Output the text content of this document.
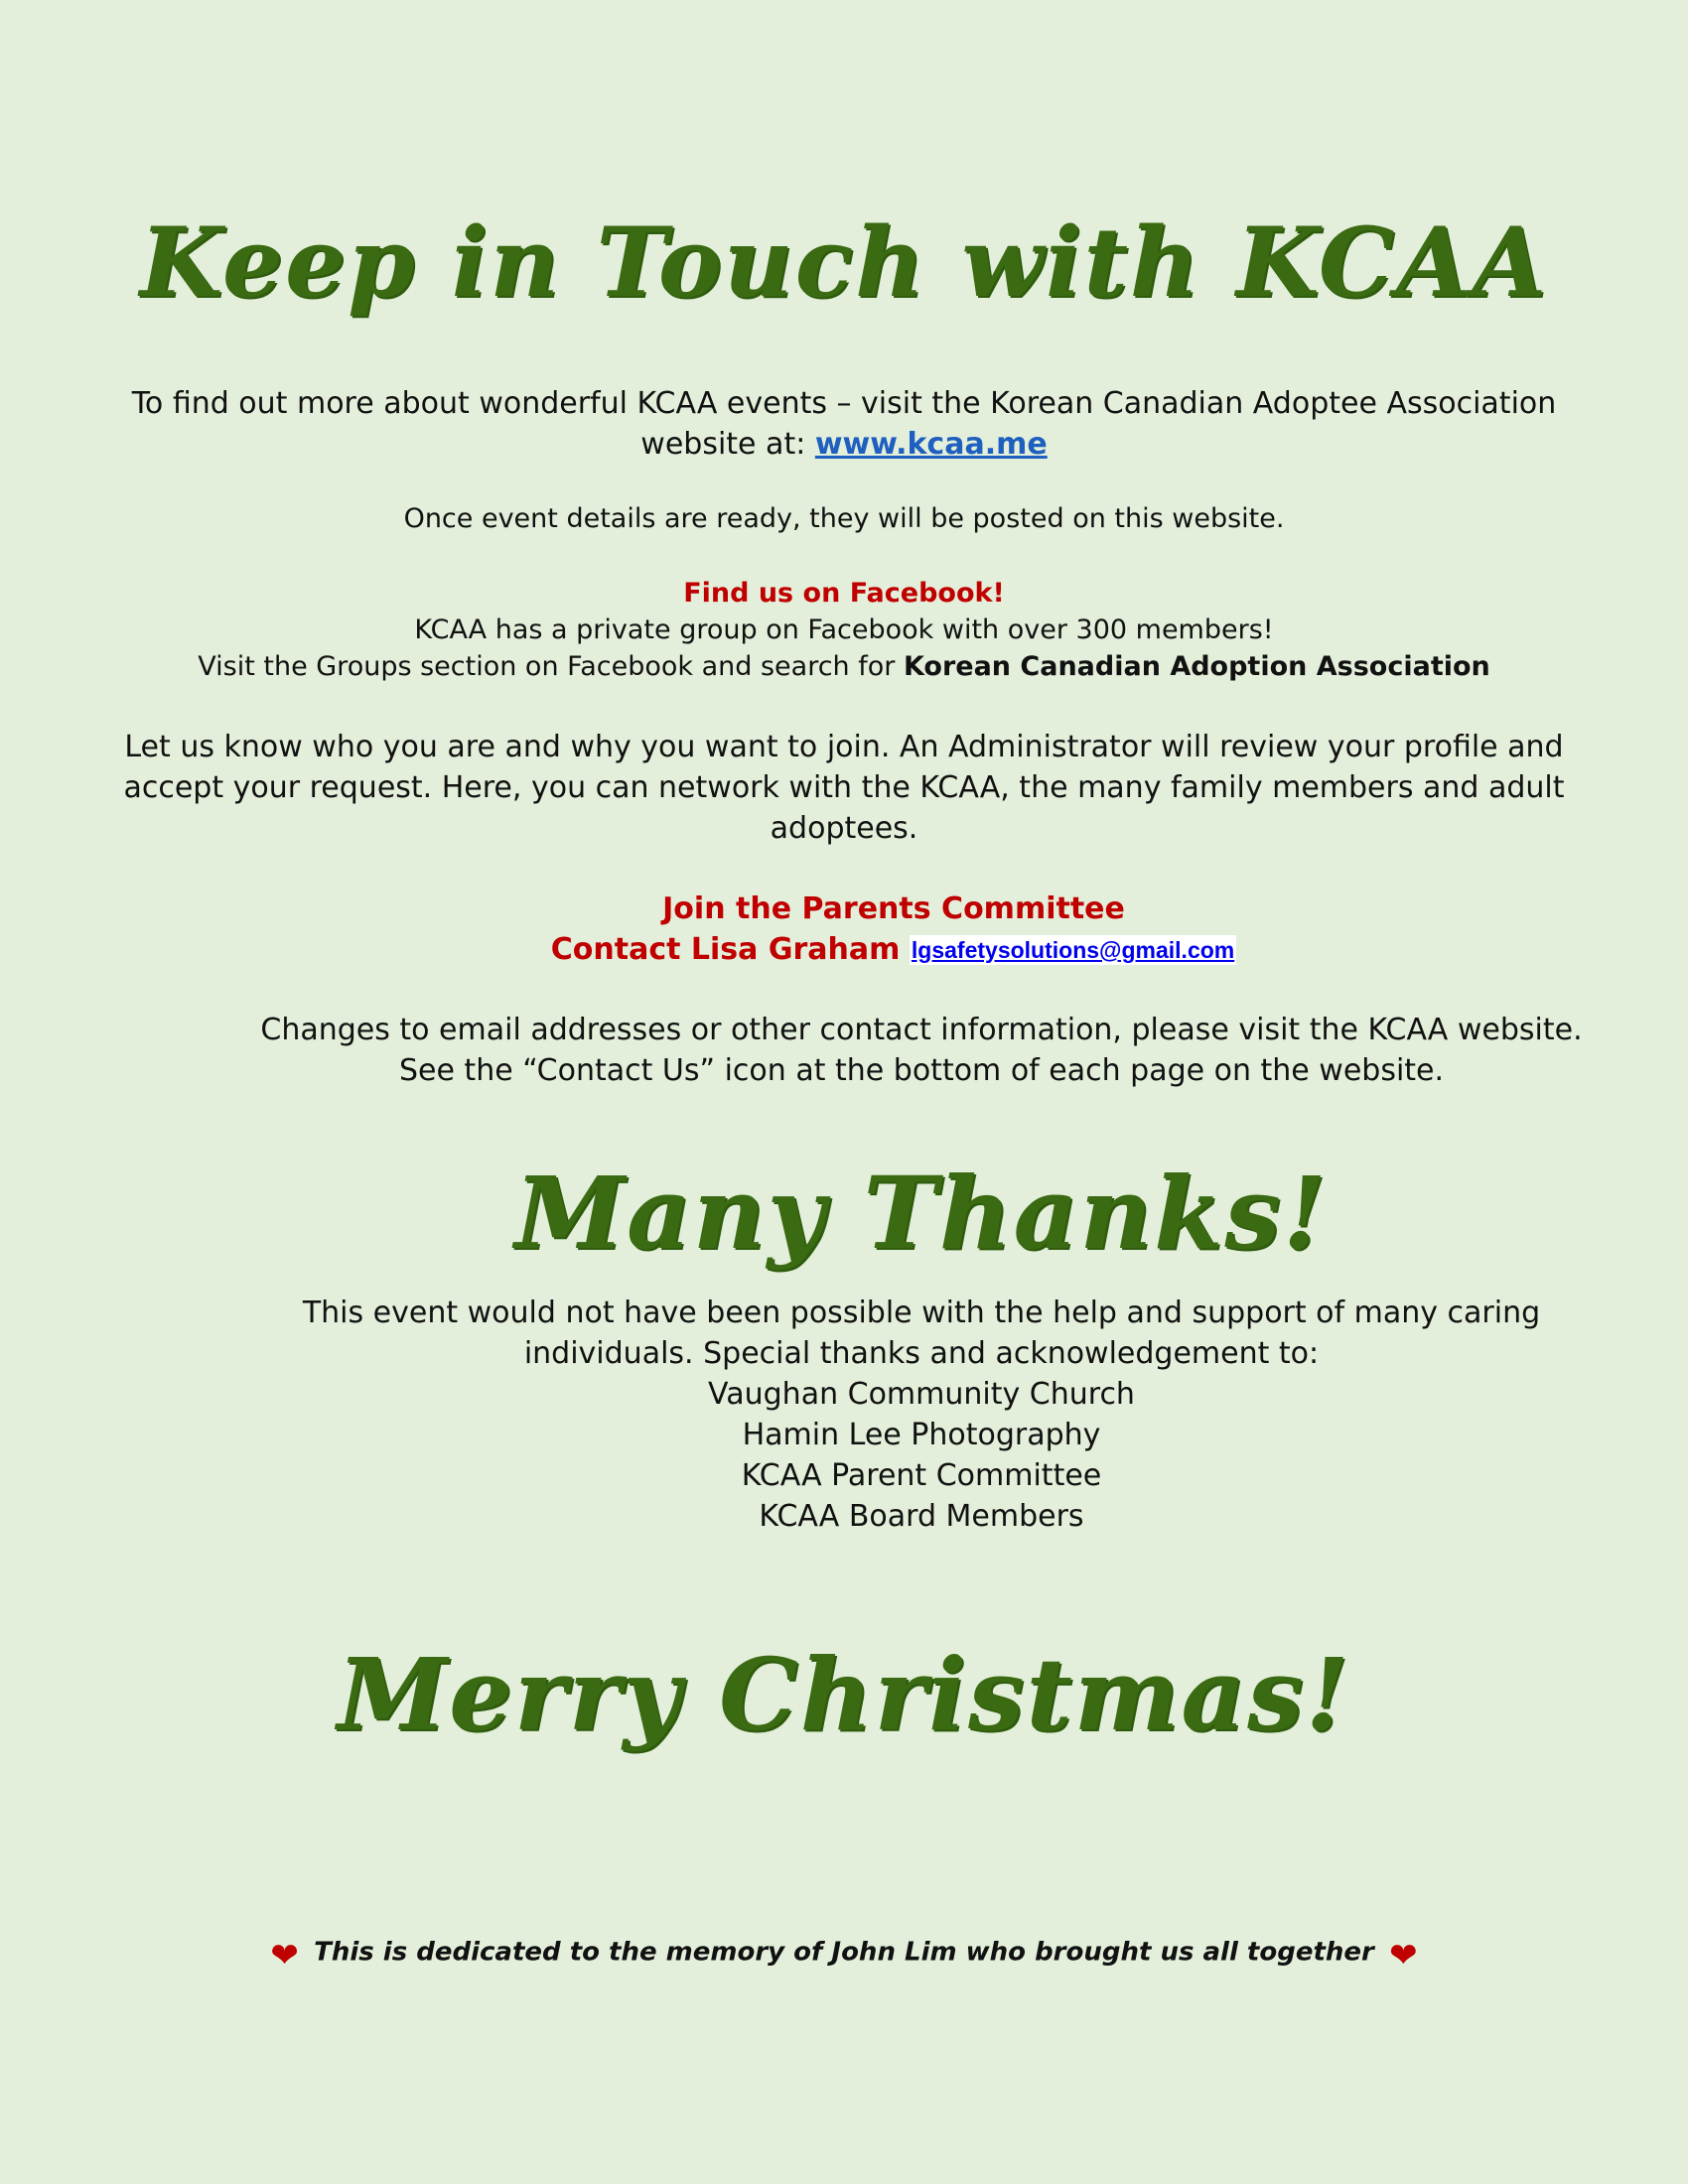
Keep in Touch with KCAA
To find out more about wonderful KCAA events – visit the Korean Canadian Adoptee Association
website at: www.kcaa.me
Once event details are ready, they will be posted on this website.
Find us on Facebook!
KCAA has a private group on Facebook with over 300 members!
Visit the Groups section on Facebook and search for Korean Canadian Adoption Association
Let us know who you are and why you want to join. An Administrator will review your profile and
accept your request. Here, you can network with the KCAA, the many family members and adult
adoptees.
Join the Parents Committee
Contact Lisa Graham lgsafetysolutions@gmail.com
Changes to email addresses or other contact information, please visit the KCAA website.
See the “Contact Us” icon at the bottom of each page on the website.
Many Thanks!
This event would not have been possible with the help and support of many caring
individuals. Special thanks and acknowledgement to:
Vaughan Community Church
Hamin Lee Photography
KCAA Parent Committee
KCAA Board Members
Merry Christmas!
❤ This is dedicated to the memory of John Lim who brought us all together ❤
